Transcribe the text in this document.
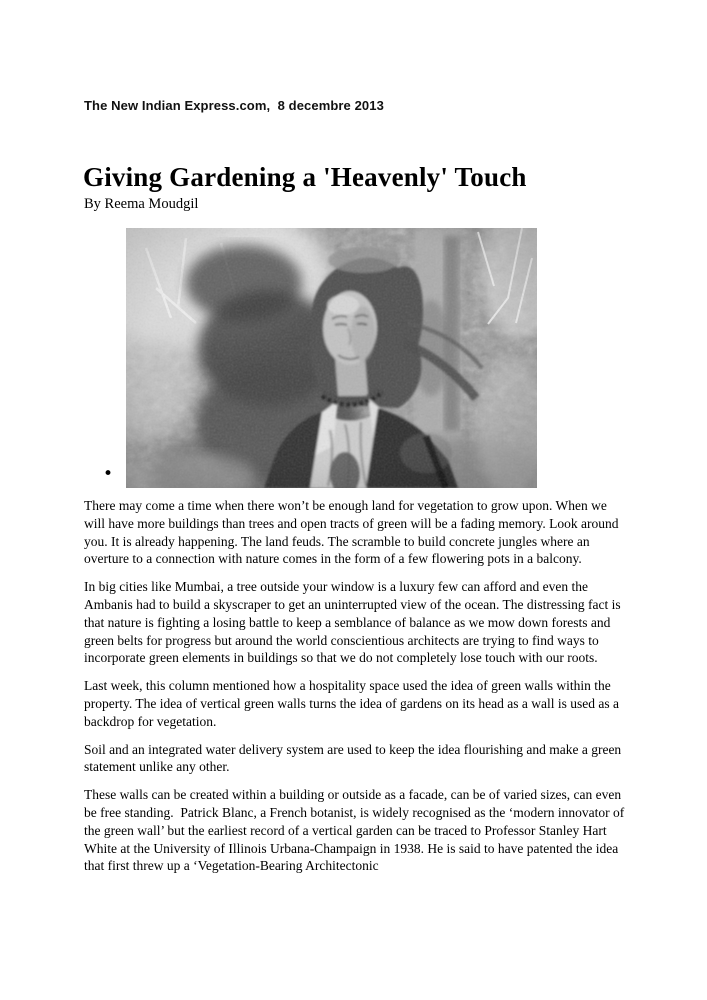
The New Indian Express.com,  8 decembre 2013
Giving Gardening a 'Heavenly' Touch
By Reema Moudgil
•

There may come a time when there won’t be enough land for vegetation to grow upon. When we will have more buildings than trees and open tracts of green will be a fading memory. Look around you. It is already happening. The land feuds. The scramble to build concrete jungles where an overture to a connection with nature comes in the form of a few flowering pots in a balcony.

In big cities like Mumbai, a tree outside your window is a luxury few can afford and even the Ambanis had to build a skyscraper to get an uninterrupted view of the ocean. The distressing fact is that nature is fighting a losing battle to keep a semblance of balance as we mow down forests and green belts for progress but around the world conscientious architects are trying to find ways to incorporate green elements in buildings so that we do not completely lose touch with our roots.

Last week, this column mentioned how a hospitality space used the idea of green walls within the property. The idea of vertical green walls turns the idea of gardens on its head as a wall is used as a backdrop for vegetation.

Soil and an integrated water delivery system are used to keep the idea flourishing and make a green statement unlike any other.

These walls can be created within a building or outside as a facade, can be of varied sizes, can even be free standing.  Patrick Blanc, a French botanist, is widely recognised as the ‘modern innovator of the green wall’ but the earliest record of a vertical garden can be traced to Professor Stanley Hart White at the University of Illinois Urbana-Champaign in 1938. He is said to have patented the idea that first threw up a ‘Vegetation-Bearing Architectonic
